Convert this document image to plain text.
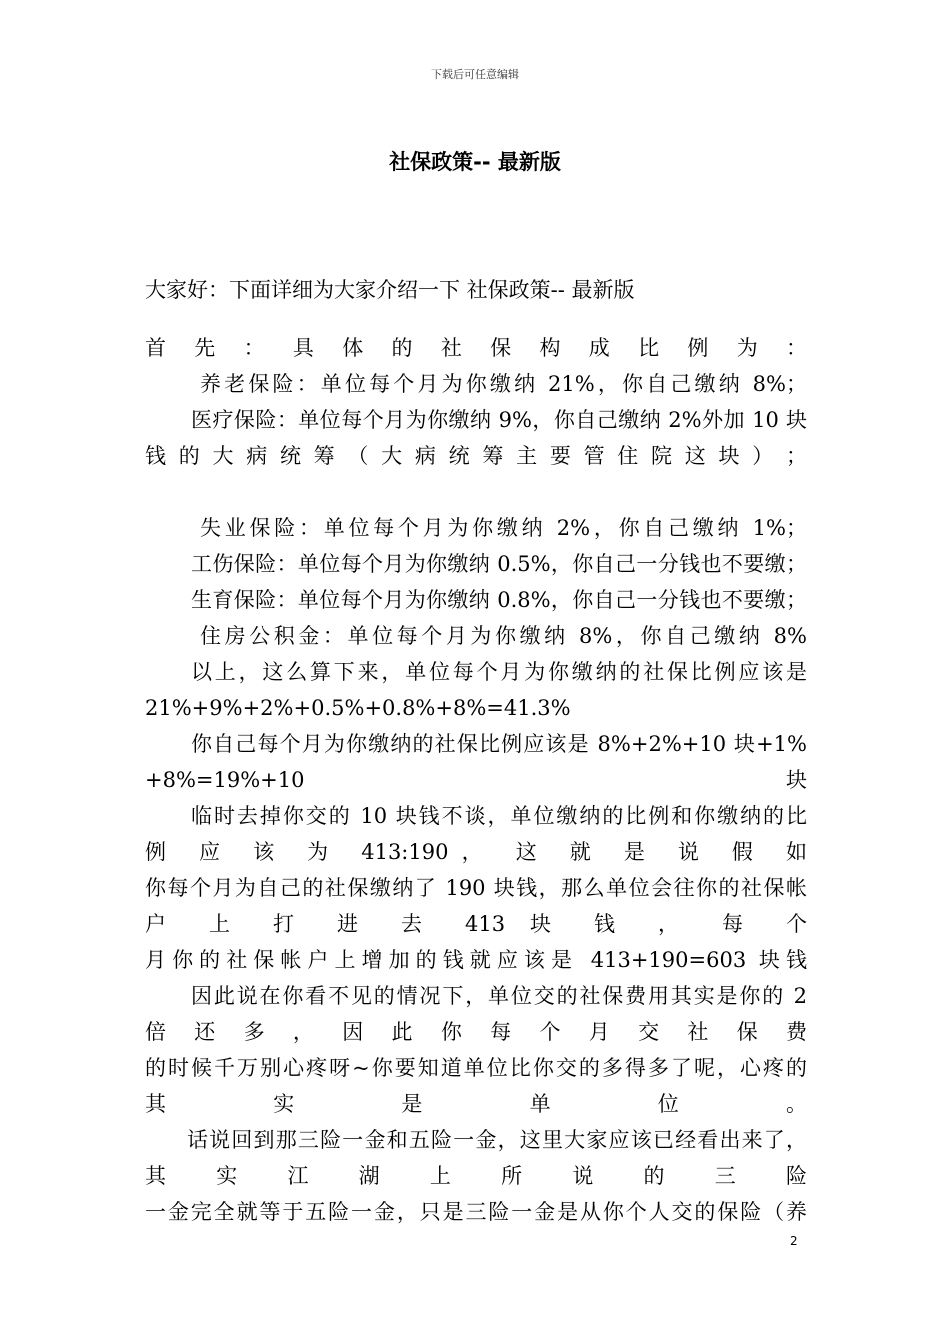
下载后可任意编辑
社保政策-- 最新版
大家好：下面详细为大家介绍一下 社保政策-- 最新版
首 先 ： 具 体 的 社 保 构 成 比 例 为 ：
养老保险：单位每个月为你缴纳 21%，你自己缴纳 8%；
医疗保险：单位每个月为你缴纳 9%，你自己缴纳 2%外加 10 块
钱 的 大 病 统 筹 （ 大 病 统 筹 主 要 管 住 院 这 块 ） ；
失业保险：单位每个月为你缴纳 2%，你自己缴纳 1%；
工伤保险：单位每个月为你缴纳 0.5%，你自己一分钱也不要缴；
生育保险：单位每个月为你缴纳 0.8%，你自己一分钱也不要缴；
住房公积金：单位每个月为你缴纳 8%，你自己缴纳 8%
以上，这么算下来，单位每个月为你缴纳的社保比例应该是
21%+9%+2%+0.5%+0.8%+8%=41.3%
你自己每个月为你缴纳的社保比例应该是 8%+2%+10 块+1%
+8%=19%+10 块
临时去掉你交的 10 块钱不谈，单位缴纳的比例和你缴纳的比
例 应 该 为 413:190， 这 就 是 说 假 如
你每个月为自己的社保缴纳了 190 块钱，那么单位会往你的社保帐
户 上 打 进 去 413 块 钱 ， 每 个
月你的社保帐户上增加的钱就应该是 413+190=603 块钱
因此说在你看不见的情况下，单位交的社保费用其实是你的 2
倍 还 多 ， 因 此 你 每 个 月 交 社 保 费
的时候千万别心疼呀~你要知道单位比你交的多得多了呢，心疼的
其 实 是 单 位 。
话说回到那三险一金和五险一金，这里大家应该已经看出来了，
其 实 江 湖 上 所 说 的 三 险
一金完全就等于五险一金，只是三险一金是从你个人交的保险（养
2
